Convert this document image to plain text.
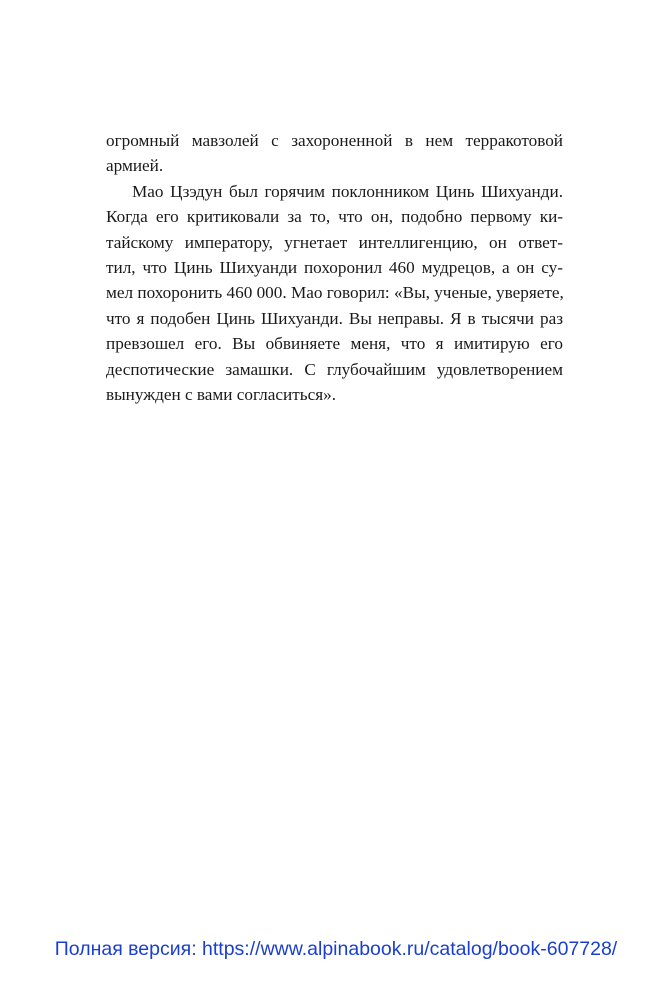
огромный мавзолей с захороненной в нем терракотовой
армией.
Мао Цзэдун был горячим поклонником Цинь Шихуанди.
Когда его критиковали за то, что он, подобно первому ки-
тайскому императору, угнетает интеллигенцию, он ответ-
тил, что Цинь Шихуанди похоронил 460 мудрецов, а он су-
мел похоронить 460 000. Мао говорил: «Вы, ученые, уверяете,
что я подобен Цинь Шихуанди. Вы неправы. Я в тысячи раз
превзошел его. Вы обвиняете меня, что я имитирую его
деспотические замашки. С глубочайшим удовлетворением
вынужден с вами согласиться».
Полная версия: https://www.alpinabook.ru/catalog/book-607728/
